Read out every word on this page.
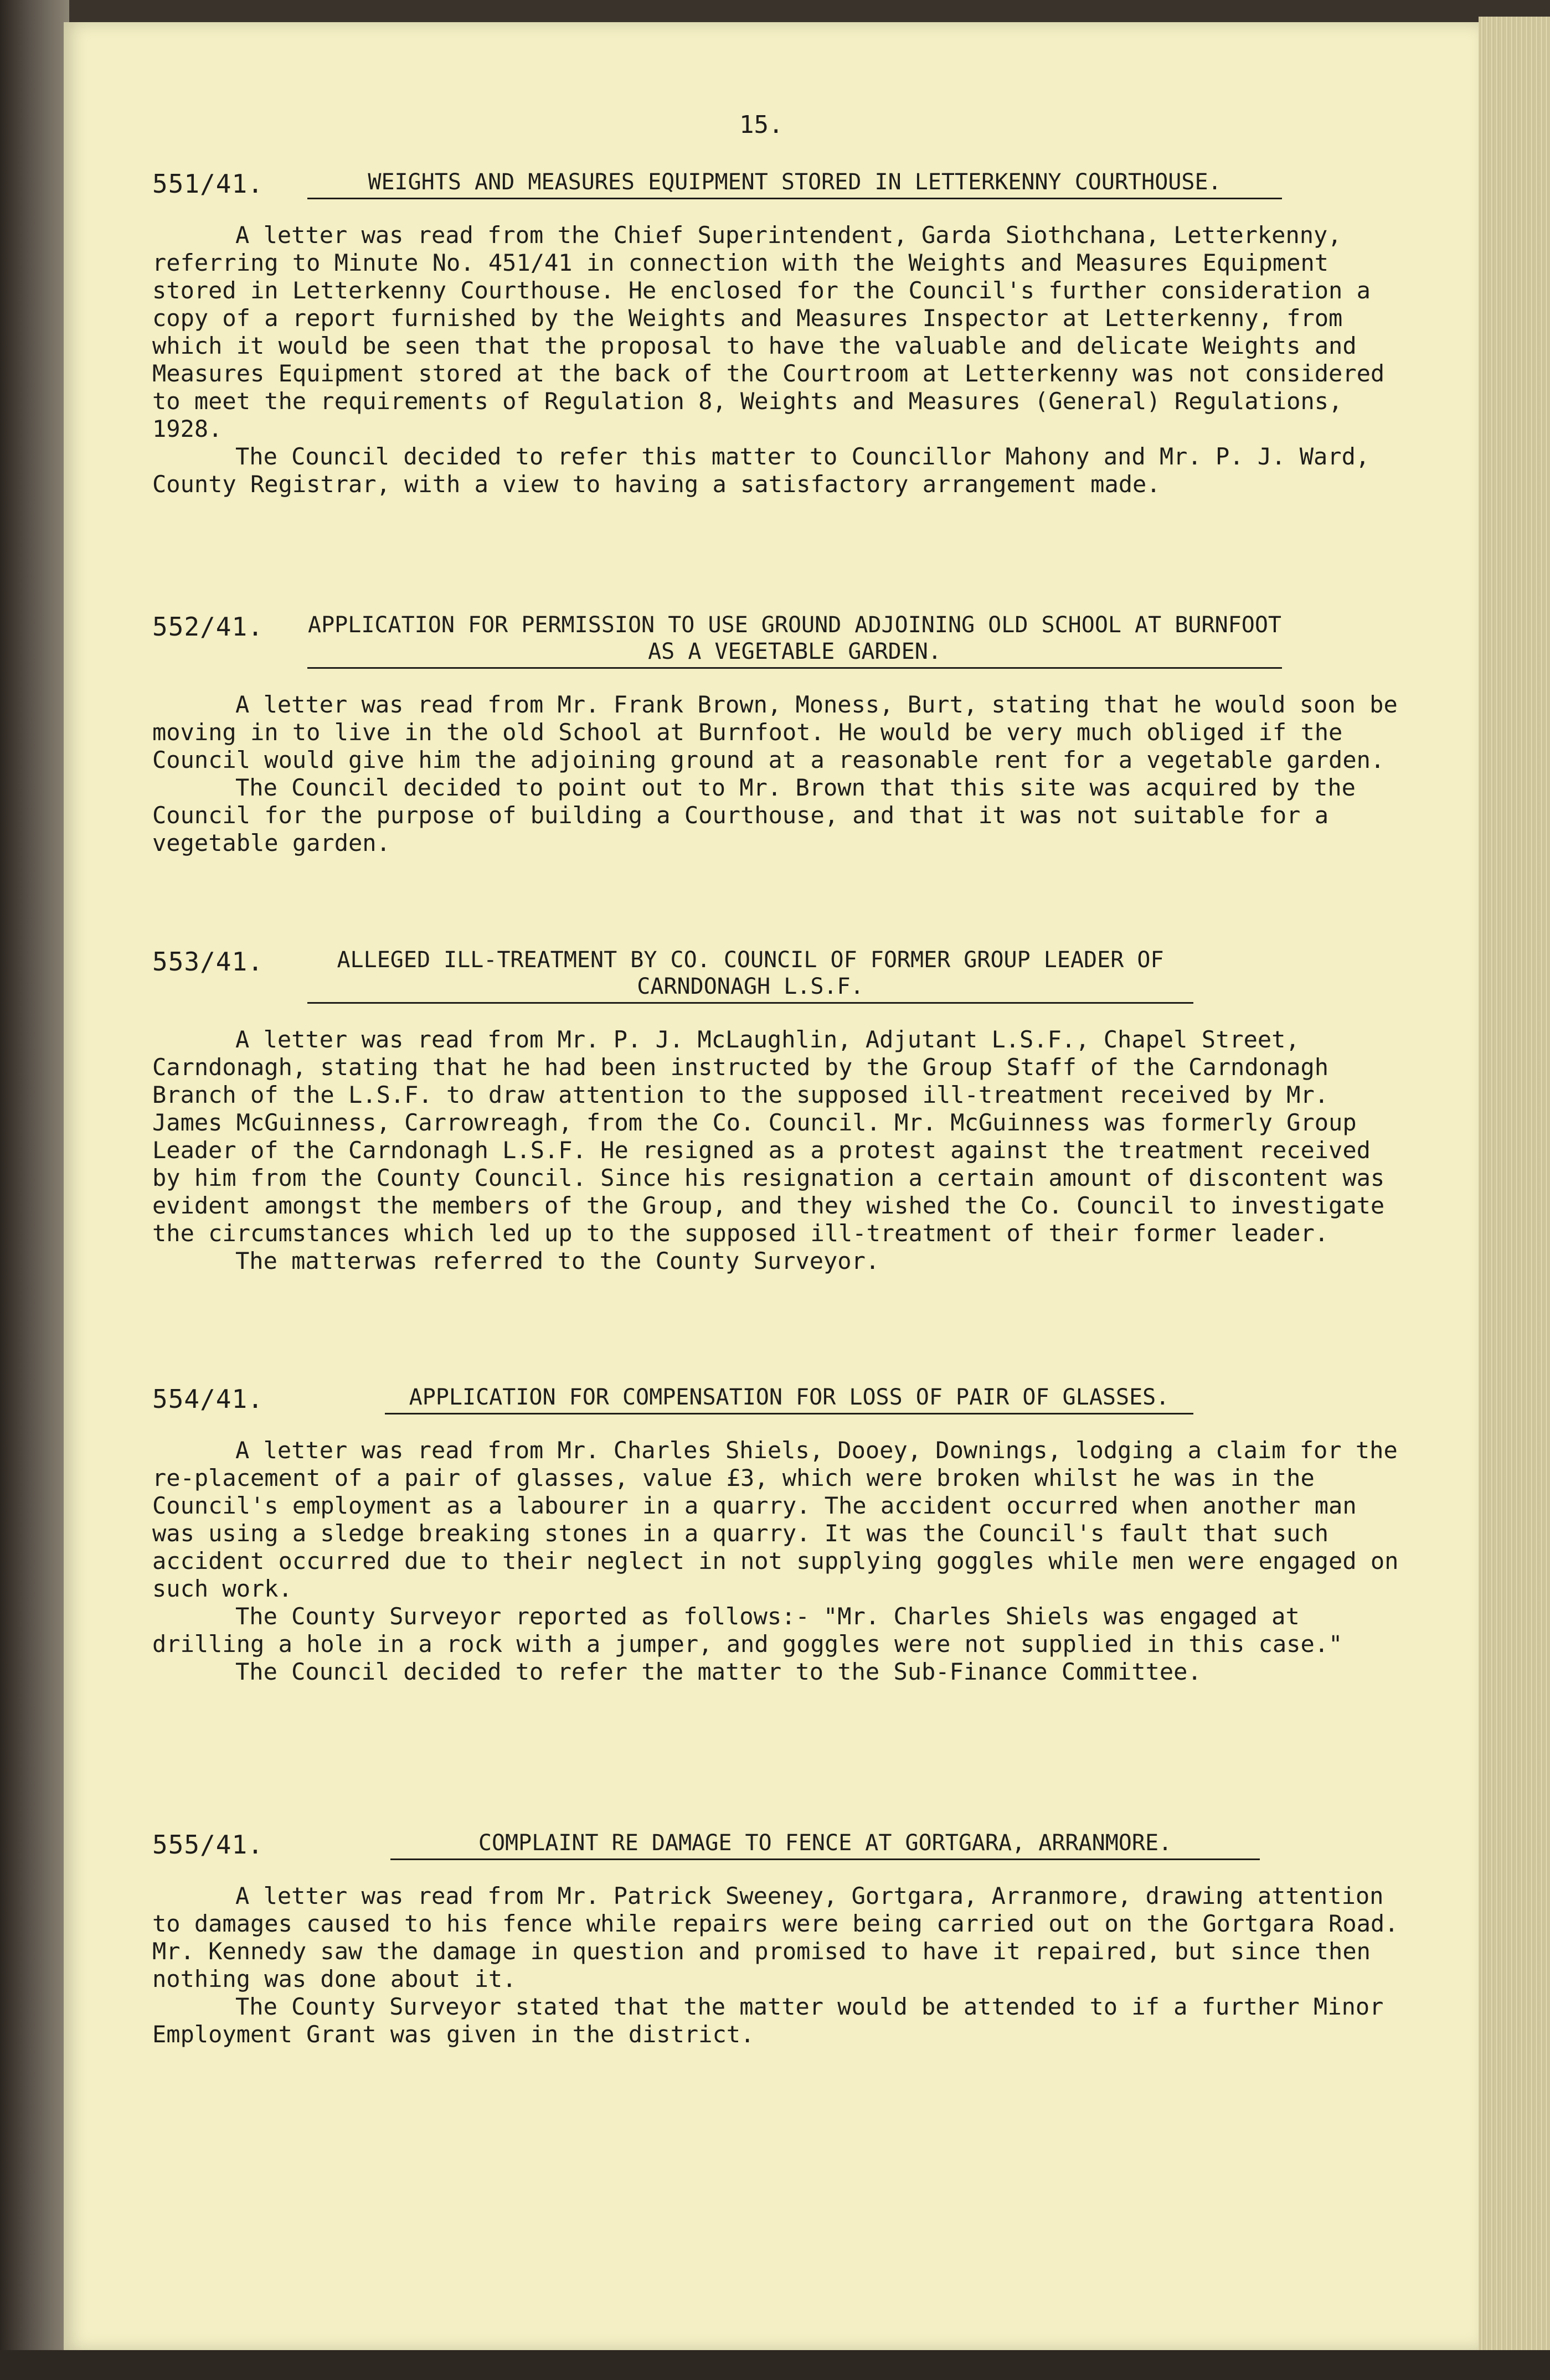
15.

551/41.	WEIGHTS AND MEASURES EQUIPMENT STORED IN LETTERKENNY COURTHOUSE.

A letter was read from the Chief Superintendent, Garda Siothchana, Letterkenny, referring to Minute No. 451/41 in connection with the Weights and Measures Equipment stored in Letterkenny Courthouse. He enclosed for the Council's further consideration a copy of a report furnished by the Weights and Measures Inspector at Letterkenny, from which it would be seen that the proposal to have the valuable and delicate Weights and Measures Equipment stored at the back of the Courtroom at Letterkenny was not considered to meet the requirements of Regulation 8, Weights and Measures (General) Regulations, 1928.

The Council decided to refer this matter to Councillor Mahony and Mr. P. J. Ward, County Registrar, with a view to having a satisfactory arrangement made.

552/41. APPLICATION FOR PERMISSION TO USE GROUND ADJOINING OLD SCHOOL AT BURNFOOT AS A VEGETABLE GARDEN.

A letter was read from Mr. Frank Brown, Moness, Burt, stating that he would soon be moving in to live in the old School at Burnfoot. He would be very much obliged if the Council would give him the adjoining ground at a reasonable rent for a vegetable garden.

The Council decided to point out to Mr. Brown that this site was acquired by the Council for the purpose of building a Courthouse, and that it was not suitable for a vegetable garden.

553/41.	ALLEGED ILL-TREATMENT BY CO. COUNCIL OF FORMER GROUP LEADER OF CARNDONAGH L.S.F.

A letter was read from Mr. P. J. McLaughlin, Adjutant L.S.F., Chapel Street, Carndonagh, stating that he had been instructed by the Group Staff of the Carndonagh Branch of the L.S.F. to draw attention to the supposed ill-treatment received by Mr. James McGuinness, Carrowreagh, from the Co. Council. Mr. McGuinness was formerly Group Leader of the Carndonagh L.S.F. He resigned as a protest against the treatment received by him from the County Council. Since his resignation a certain amount of discontent was evident amongst the members of the Group, and they wished the Co. Council to investigate the circumstances which led up to the supposed ill-treatment of their former leader.

The matterwas referred to the County Surveyor.

554/41.	APPLICATION FOR COMPENSATION FOR LOSS OF PAIR OF GLASSES.

A letter was read from Mr. Charles Shiels, Dooey, Downings, lodging a claim for the re-placement of a pair of glasses, value £3, which were broken whilst he was in the Council's employment as a labourer in a quarry. The accident occurred when another man was using a sledge breaking stones in a quarry. It was the Council's fault that such accident occurred due to their neglect in not supplying goggles while men were engaged on such work.

The County Surveyor reported as follows:- "Mr. Charles Shiels was engaged at drilling a hole in a rock with a jumper, and goggles were not supplied in this case."

The Council decided to refer the matter to the Sub-Finance Committee.

555/41.	COMPLAINT RE DAMAGE TO FENCE AT GORTGARA, ARRANMORE.

A letter was read from Mr. Patrick Sweeney, Gortgara, Arranmore, drawing attention to damages caused to his fence while repairs were being carried out on the Gortgara Road. Mr. Kennedy saw the damage in question and promised to have it repaired, but since then nothing was done about it.

The County Surveyor stated that the matter would be attended to if a further Minor Employment Grant was given in the district.
